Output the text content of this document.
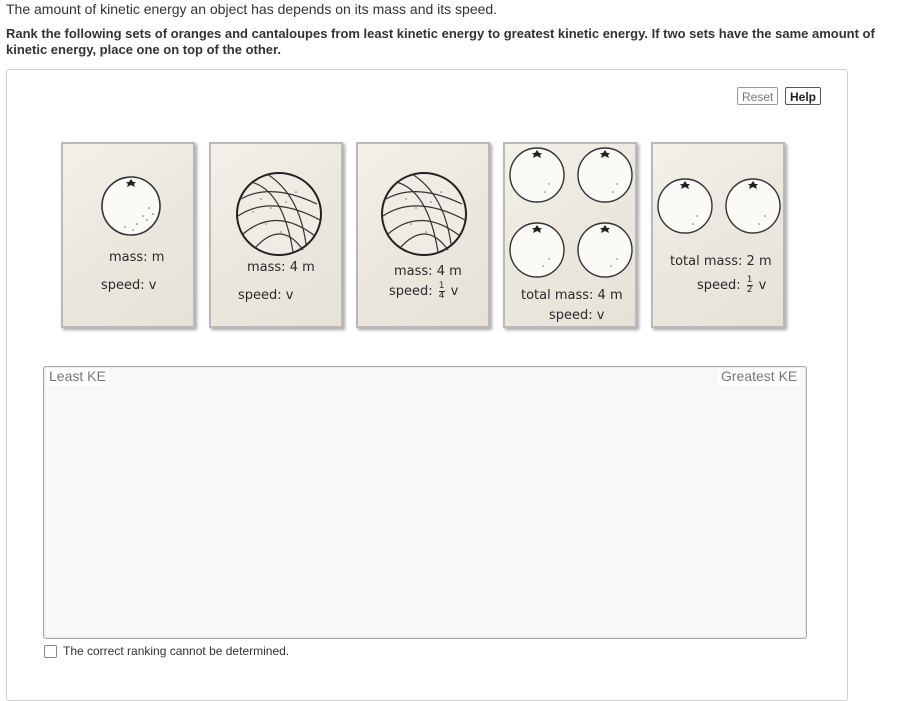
The amount of kinetic energy an object has depends on its mass and its speed.
Rank the following sets of oranges and cantaloupes from least kinetic energy to greatest kinetic energy. If two sets have the same amount of kinetic energy, place one on top of the other.
Reset	Help
mass: m
speed: v
mass: 4 m
speed: v
mass: 4 m
speed: $\frac{1}{4}$ v	total mass: 4 m
speed: v
total mass: 2 m
speed: $\frac{1}{2}$ v
Least KE	Greatest KE
The correct ranking cannot be determined.
